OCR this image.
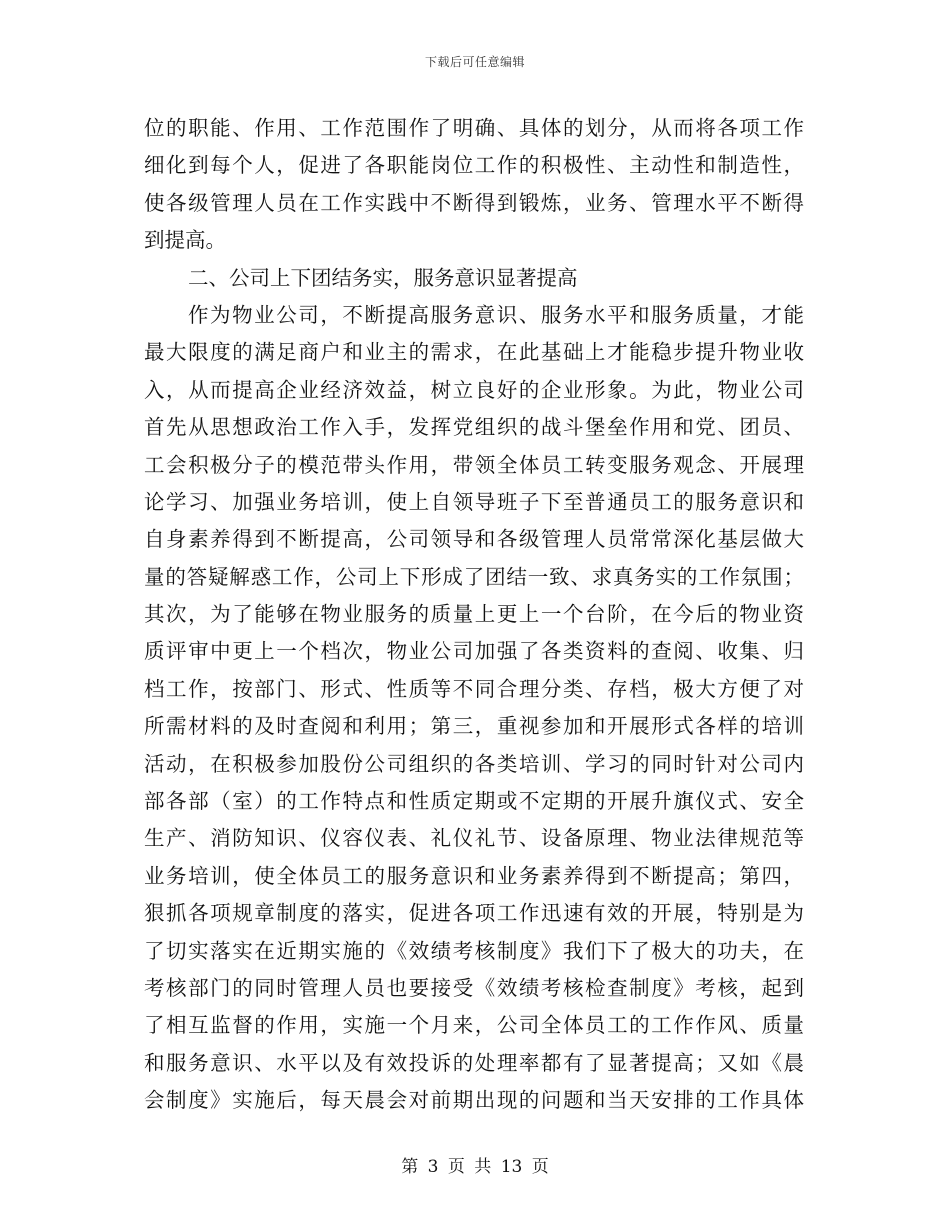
下载后可任意编辑
位的职能、作用、工作范围作了明确、具体的划分，从而将各项工作
细化到每个人，促进了各职能岗位工作的积极性、主动性和制造性，
使各级管理人员在工作实践中不断得到锻炼，业务、管理水平不断得
到提高。
二、公司上下团结务实，服务意识显著提高
作为物业公司，不断提高服务意识、服务水平和服务质量，才能
最大限度的满足商户和业主的需求，在此基础上才能稳步提升物业收
入，从而提高企业经济效益，树立良好的企业形象。为此，物业公司
首先从思想政治工作入手，发挥党组织的战斗堡垒作用和党、团员、
工会积极分子的模范带头作用，带领全体员工转变服务观念、开展理
论学习、加强业务培训，使上自领导班子下至普通员工的服务意识和
自身素养得到不断提高，公司领导和各级管理人员常常深化基层做大
量的答疑解惑工作，公司上下形成了团结一致、求真务实的工作氛围；
其次，为了能够在物业服务的质量上更上一个台阶，在今后的物业资
质评审中更上一个档次，物业公司加强了各类资料的查阅、收集、归
档工作，按部门、形式、性质等不同合理分类、存档，极大方便了对
所需材料的及时查阅和利用；第三，重视参加和开展形式各样的培训
活动，在积极参加股份公司组织的各类培训、学习的同时针对公司内
部各部（室）的工作特点和性质定期或不定期的开展升旗仪式、安全
生产、消防知识、仪容仪表、礼仪礼节、设备原理、物业法律规范等
业务培训，使全体员工的服务意识和业务素养得到不断提高；第四，
狠抓各项规章制度的落实，促进各项工作迅速有效的开展，特别是为
了切实落实在近期实施的《效绩考核制度》我们下了极大的功夫，在
考核部门的同时管理人员也要接受《效绩考核检查制度》考核，起到
了相互监督的作用，实施一个月来，公司全体员工的工作作风、质量
和服务意识、水平以及有效投诉的处理率都有了显著提高；又如《晨
会制度》实施后，每天晨会对前期出现的问题和当天安排的工作具体
第 3 页 共 13 页
